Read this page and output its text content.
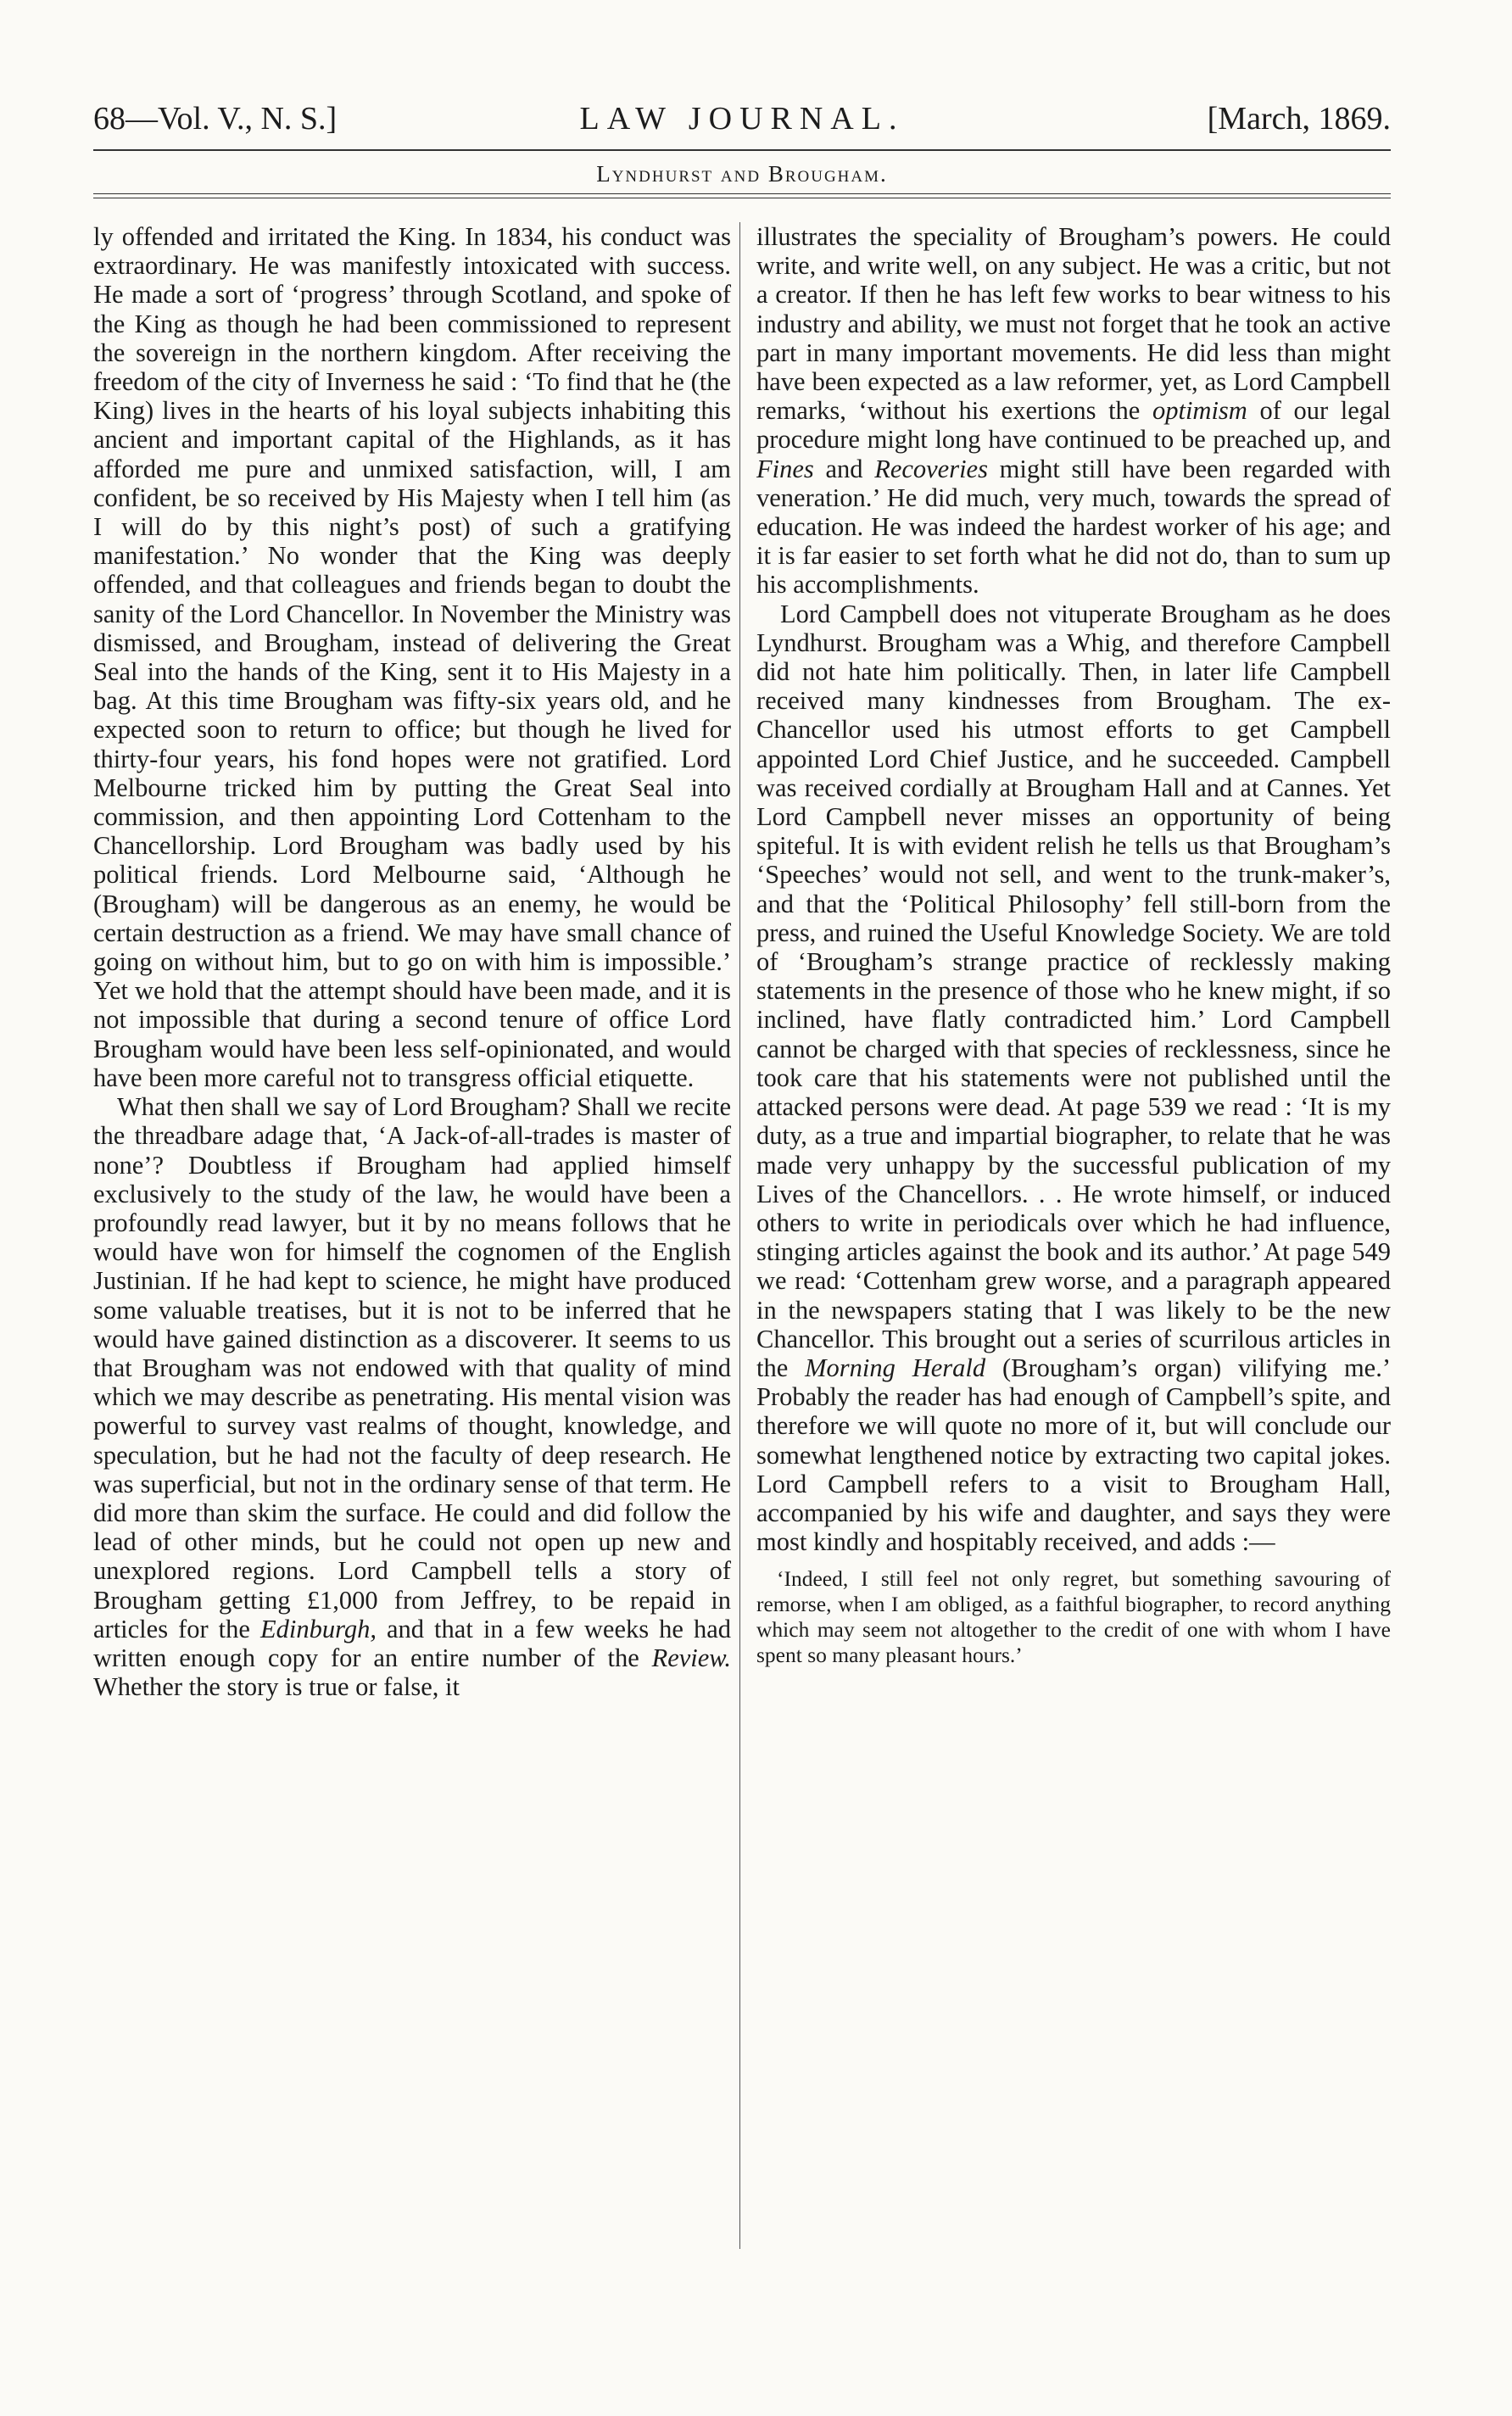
68—Vol. V., N. S.]	LAW JOURNAL.	[March, 1869.
Lyndhurst and Brougham.

ly offended and irritated the King. In 1834, his conduct was extraordinary. He was manifestly intoxicated with success. He made a sort of ‘progress’ through Scotland, and spoke of the King as though he had been commissioned to represent the sovereign in the northern kingdom. After receiving the freedom of the city of Inverness he said : ‘To find that he (the King) lives in the hearts of his loyal subjects inhabiting this ancient and important capital of the Highlands, as it has afforded me pure and unmixed satisfaction, will, I am confident, be so received by His Majesty when I tell him (as I will do by this night’s post) of such a gratifying manifestation.’ No wonder that the King was deeply offended, and that colleagues and friends began to doubt the sanity of the Lord Chancellor. In November the Ministry was dismissed, and Brougham, instead of delivering the Great Seal into the hands of the King, sent it to His Majesty in a bag. At this time Brougham was fifty-six years old, and he expected soon to return to office; but though he lived for thirty-four years, his fond hopes were not gratified. Lord Melbourne tricked him by putting the Great Seal into commission, and then appointing Lord Cottenham to the Chancellorship. Lord Brougham was badly used by his political friends. Lord Melbourne said, ‘Although he (Brougham) will be dangerous as an enemy, he would be certain destruction as a friend. We may have small chance of going on without him, but to go on with him is impossible.’ Yet we hold that the attempt should have been made, and it is not impossible that during a second tenure of office Lord Brougham would have been less self-opinionated, and would have been more careful not to transgress official etiquette.

What then shall we say of Lord Brougham? Shall we recite the threadbare adage that, ‘A Jack-of-all-trades is master of none’? Doubtless if Brougham had applied himself exclusively to the study of the law, he would have been a profoundly read lawyer, but it by no means follows that he would have won for himself the cognomen of the English Justinian. If he had kept to science, he might have produced some valuable treatises, but it is not to be inferred that he would have gained distinction as a discoverer. It seems to us that Brougham was not endowed with that quality of mind which we may describe as penetrating. His mental vision was powerful to survey vast realms of thought, knowledge, and speculation, but he had not the faculty of deep research. He was superficial, but not in the ordinary sense of that term. He did more than skim the surface. He could and did follow the lead of other minds, but he could not open up new and unexplored regions. Lord Campbell tells a story of Brougham getting £1,000 from Jeffrey, to be repaid in articles for the Edinburgh, and that in a few weeks he had written enough copy for an entire number of the Review. Whether the story is true or false, it

illustrates the speciality of Brougham’s powers. He could write, and write well, on any subject. He was a critic, but not a creator. If then he has left few works to bear witness to his industry and ability, we must not forget that he took an active part in many important movements. He did less than might have been expected as a law reformer, yet, as Lord Campbell remarks, ‘without his exertions the optimism of our legal procedure might long have continued to be preached up, and Fines and Recoveries might still have been regarded with veneration.’ He did much, very much, towards the spread of education. He was indeed the hardest worker of his age; and it is far easier to set forth what he did not do, than to sum up his accomplishments.

Lord Campbell does not vituperate Brougham as he does Lyndhurst. Brougham was a Whig, and therefore Campbell did not hate him politically. Then, in later life Campbell received many kindnesses from Brougham. The ex-Chancellor used his utmost efforts to get Campbell appointed Lord Chief Justice, and he succeeded. Campbell was received cordially at Brougham Hall and at Cannes. Yet Lord Campbell never misses an opportunity of being spiteful. It is with evident relish he tells us that Brougham’s ‘Speeches’ would not sell, and went to the trunk-maker’s, and that the ‘Political Philosophy’ fell still-born from the press, and ruined the Useful Knowledge Society. We are told of ‘Brougham’s strange practice of recklessly making statements in the presence of those who he knew might, if so inclined, have flatly contradicted him.’ Lord Campbell cannot be charged with that species of recklessness, since he took care that his statements were not published until the attacked persons were dead. At page 539 we read : ‘It is my duty, as a true and impartial biographer, to relate that he was made very unhappy by the successful publication of my Lives of the Chancellors. . . He wrote himself, or induced others to write in periodicals over which he had influence, stinging articles against the book and its author.’ At page 549 we read: ‘Cottenham grew worse, and a paragraph appeared in the newspapers stating that I was likely to be the new Chancellor. This brought out a series of scurrilous articles in the Morning Herald (Brougham’s organ) vilifying me.’ Probably the reader has had enough of Campbell’s spite, and therefore we will quote no more of it, but will conclude our somewhat lengthened notice by extracting two capital jokes. Lord Campbell refers to a visit to Brougham Hall, accompanied by his wife and daughter, and says they were most kindly and hospitably received, and adds :—

‘Indeed, I still feel not only regret, but something savouring of remorse, when I am obliged, as a faithful biographer, to record anything which may seem not altogether to the credit of one with whom I have spent so many pleasant hours.’
